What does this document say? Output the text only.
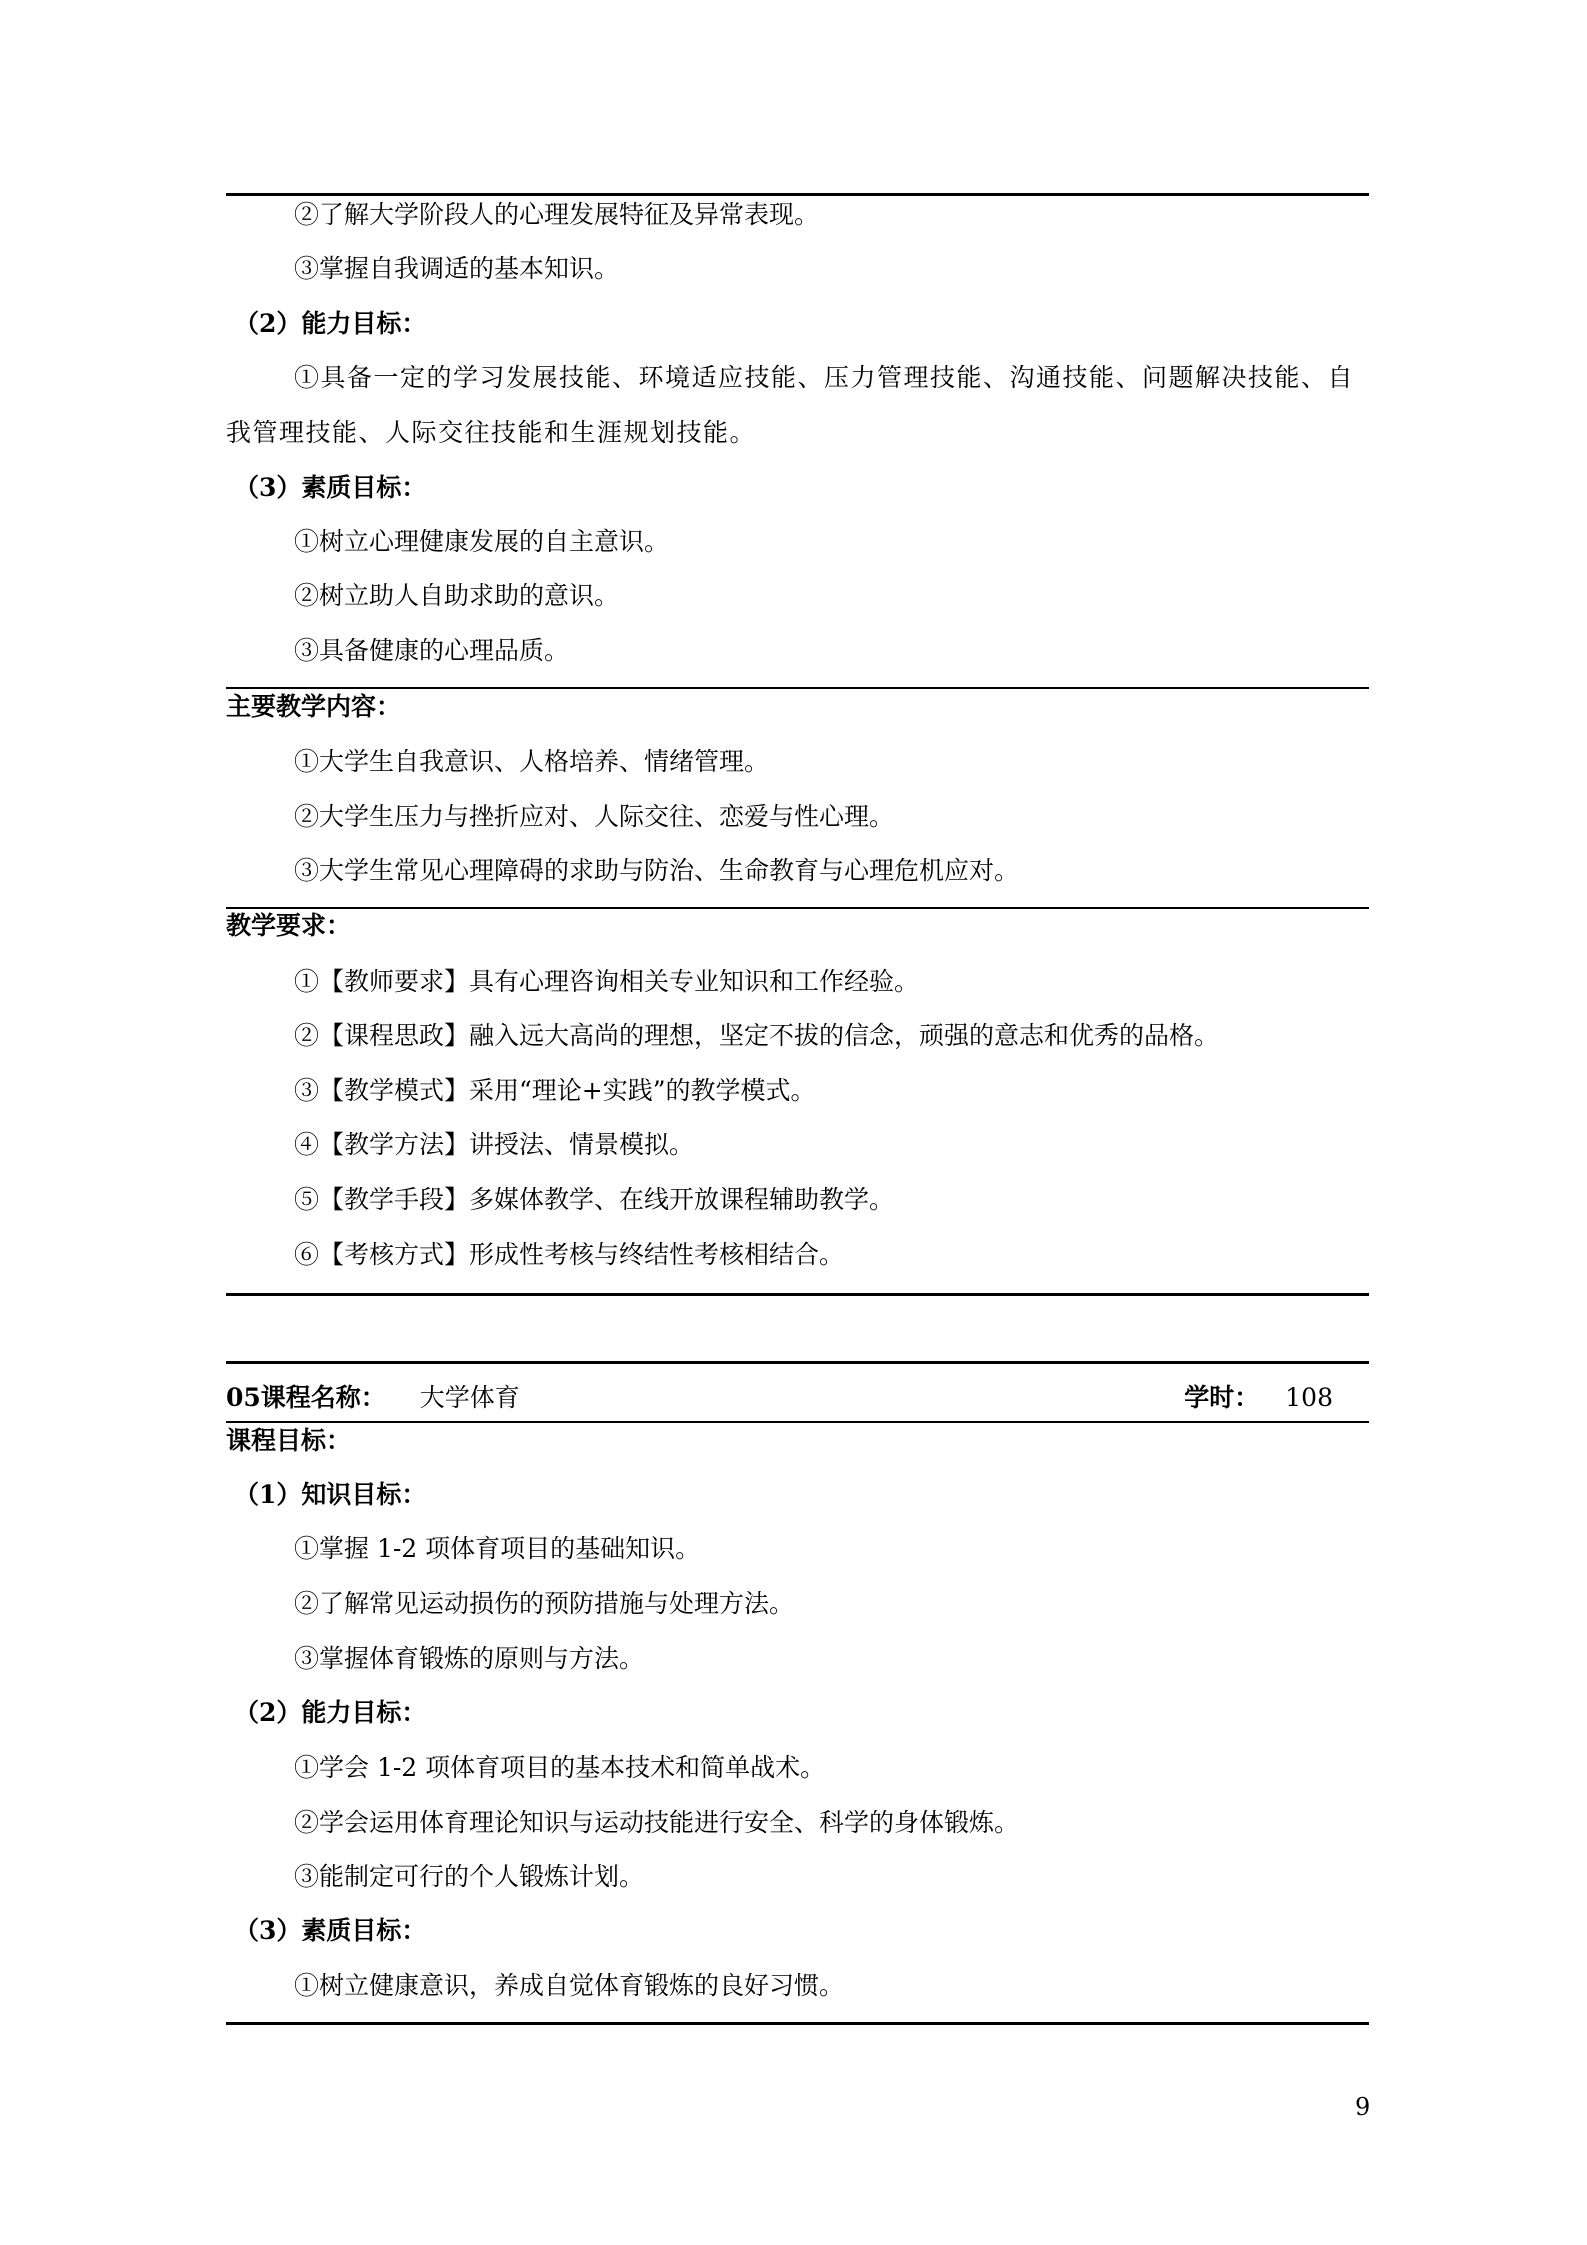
②了解大学阶段人的心理发展特征及异常表现。
③掌握自我调适的基本知识。
（2）能力目标：
①具备一定的学习发展技能、环境适应技能、压力管理技能、沟通技能、问题解决技能、自我管理技能、人际交往技能和生涯规划技能。
（3）素质目标：
①树立心理健康发展的自主意识。
②树立助人自助求助的意识。
③具备健康的心理品质。
主要教学内容：
①大学生自我意识、人格培养、情绪管理。
②大学生压力与挫折应对、人际交往、恋爱与性心理。
③大学生常见心理障碍的求助与防治、生命教育与心理危机应对。
教学要求：
①【教师要求】具有心理咨询相关专业知识和工作经验。
②【课程思政】融入远大高尚的理想，坚定不拔的信念，顽强的意志和优秀的品格。
③【教学模式】采用“理论+实践”的教学模式。
④【教学方法】讲授法、情景模拟。
⑤【教学手段】多媒体教学、在线开放课程辅助教学。
⑥【考核方式】形成性考核与终结性考核相结合。
05课程名称： 大学体育	学时： 108
课程目标：
（1）知识目标：
①掌握 1-2 项体育项目的基础知识。
②了解常见运动损伤的预防措施与处理方法。
③掌握体育锻炼的原则与方法。
（2）能力目标：
①学会 1-2 项体育项目的基本技术和简单战术。
②学会运用体育理论知识与运动技能进行安全、科学的身体锻炼。
③能制定可行的个人锻炼计划。
（3）素质目标：
①树立健康意识，养成自觉体育锻炼的良好习惯。
9
